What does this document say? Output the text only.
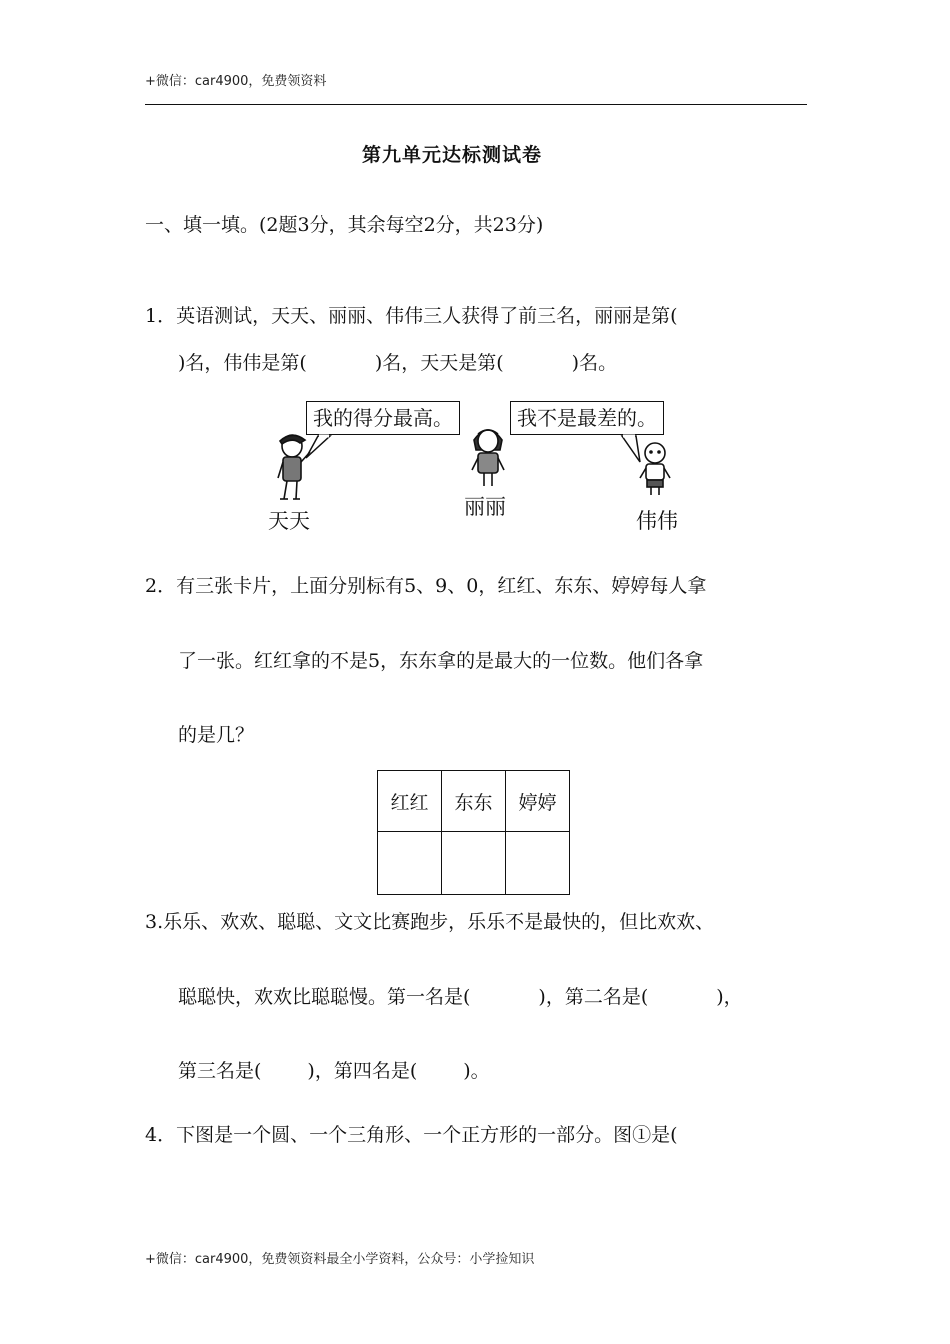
+微信：car4900，免费领资料
第九单元达标测试卷
一、填一填。(2题3分，其余每空2分，共23分)
1．英语测试，天天、丽丽、伟伟三人获得了前三名，丽丽是第(
)名，伟伟是第(	)名，天天是第(	)名。
我的得分最高。	我不是最差的。
天天
丽丽
伟伟
2．有三张卡片，上面分别标有5、9、0，红红、东东、婷婷每人拿
了一张。红红拿的不是5，东东拿的是最大的一位数。他们各拿
的是几？
红红	东东	婷婷

3.乐乐、欢欢、聪聪、文文比赛跑步，乐乐不是最快的，但比欢欢、
聪聪快，欢欢比聪聪慢。第一名是(	)，第二名是(	)，
第三名是( )，第四名是( )。
4．下图是一个圆、一个三角形、一个正方形的一部分。图①是(
+微信：car4900，免费领资料最全小学资料，公众号：小学捡知识
